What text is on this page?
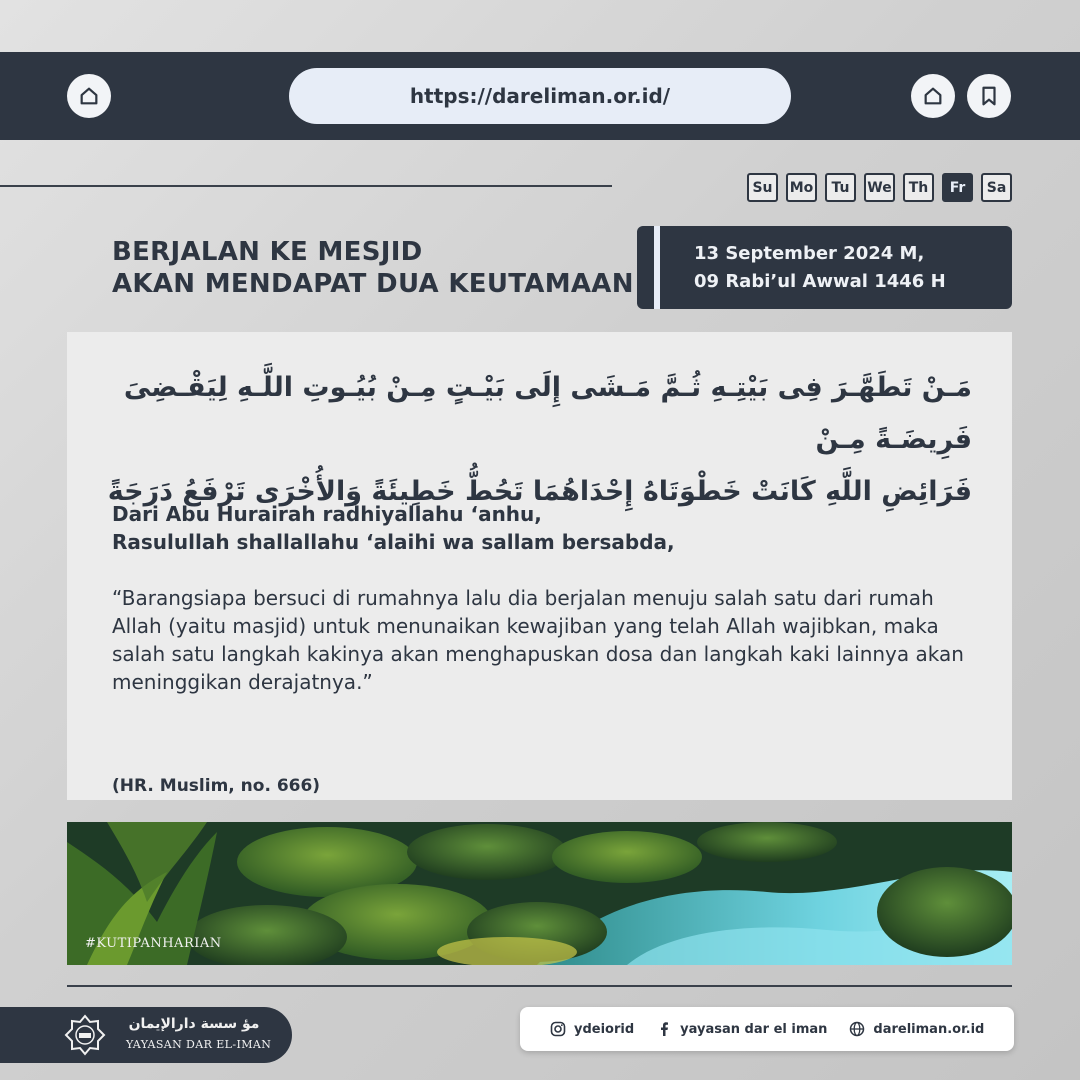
https://dareliman.or.id/
Su	Mo	Tu	We	Th	Fr	Sa
BERJALAN KE MESJID
AKAN MENDAPAT DUA KEUTAMAAN
13 September 2024 M,
09 Rabi’ul Awwal 1446 H
مَـنْ تَطَهَّـرَ فِى بَيْتِـهِ ثُـمَّ مَـشَى إِلَى بَيْـتٍ مِـنْ بُيُـوتِ اللَّـهِ لِيَقْـضِىَ فَرِيضَـةً مِـنْ
فَرَائِضِ اللَّهِ كَانَتْ خَطْوَتَاهُ إِحْدَاهُمَا تَحُطُّ خَطِيئَةً وَالأُخْرَى تَرْفَعُ دَرَجَةً
Dari Abu Hurairah radhiyallahu ‘anhu,
Rasulullah shallallahu ‘alaihi wa sallam bersabda,
“Barangsiapa bersuci di rumahnya lalu dia berjalan menuju salah satu dari rumah Allah (yaitu masjid) untuk menunaikan kewajiban yang telah Allah wajibkan, maka salah satu langkah kakinya akan menghapuskan dosa dan langkah kaki lainnya akan meninggikan derajatnya.”
(HR. Muslim, no. 666)
#KUTIPANHARIAN
مؤ سسة دارالإيمان
YAYASAN DAR EL-IMAN
ydeiorid	yayasan dar el iman	dareliman.or.id
